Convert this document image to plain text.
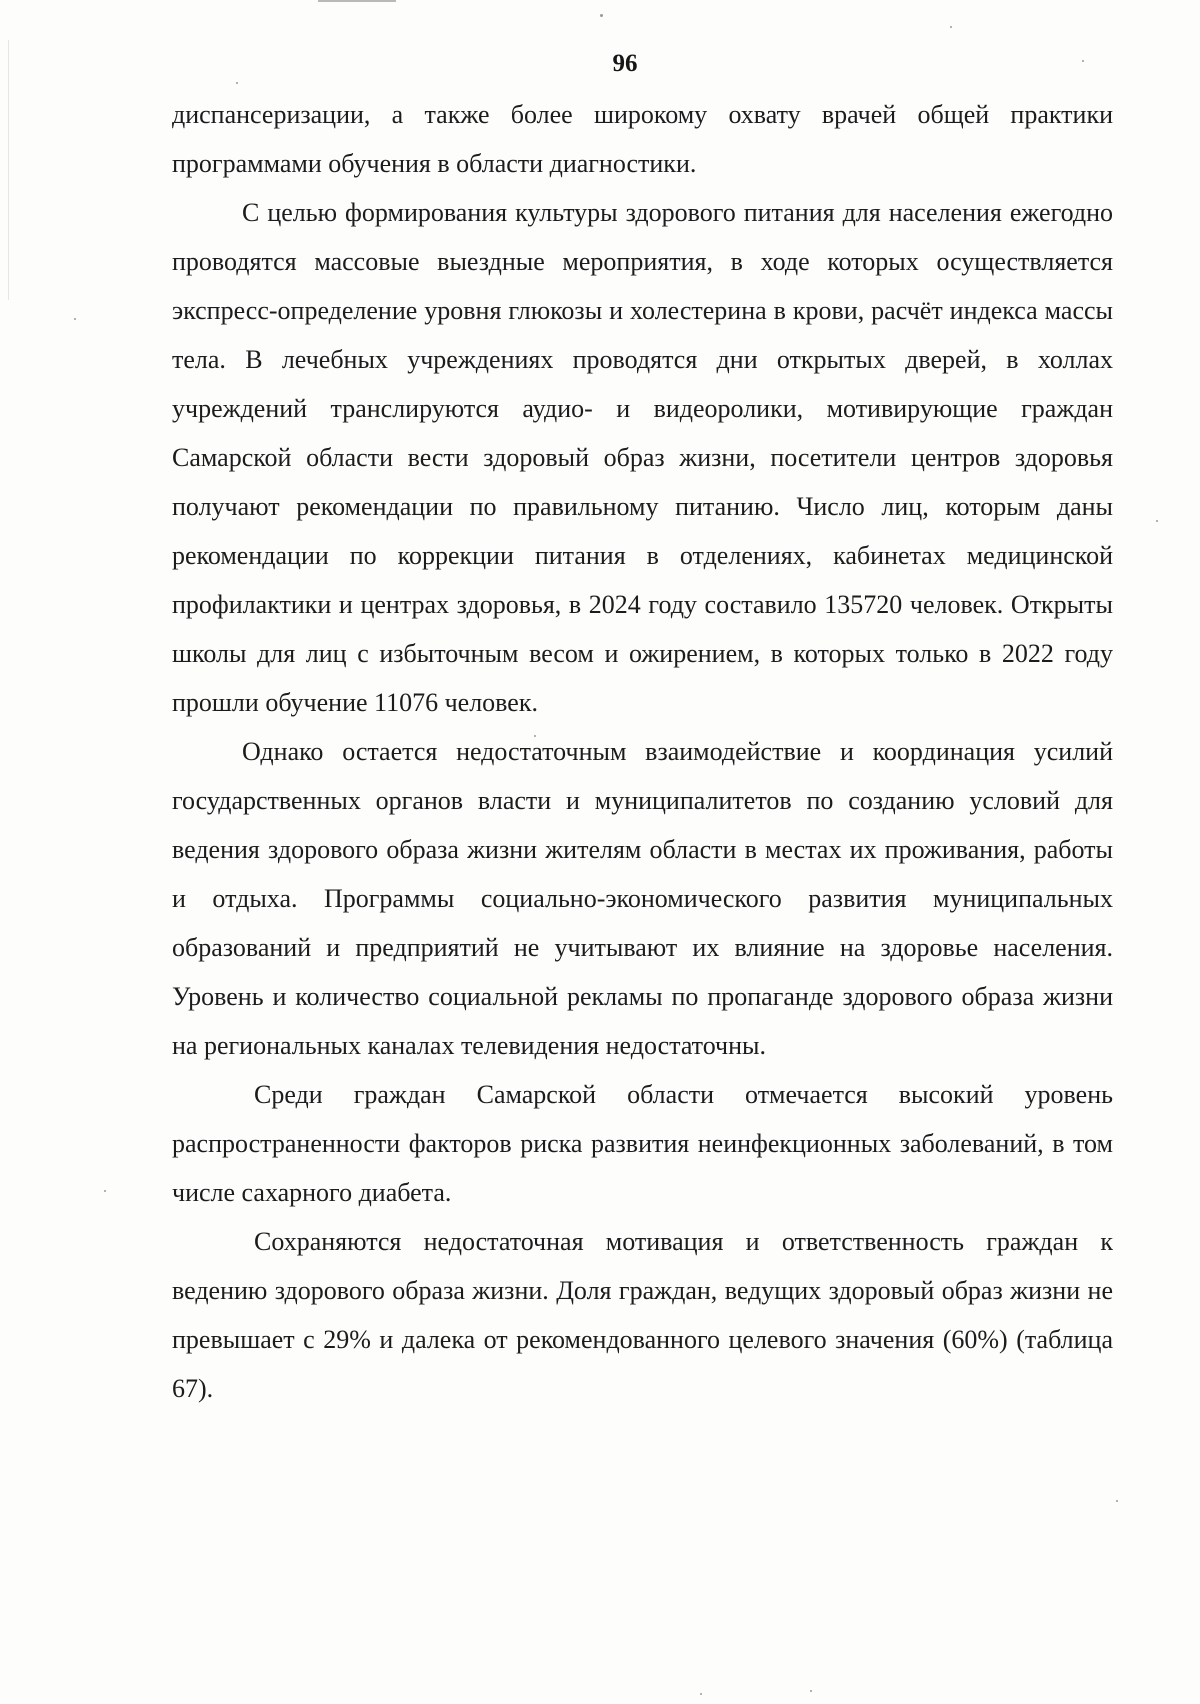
96

диспансеризации, а также более широкому охвату врачей общей практики программами обучения в области диагностики.

С целью формирования культуры здорового питания для населения ежегодно проводятся массовые выездные мероприятия, в ходе которых осуществляется экспресс-определение уровня глюкозы и холестерина в крови, расчёт индекса массы тела. В лечебных учреждениях проводятся дни открытых дверей, в холлах учреждений транслируются аудио- и видеоролики, мотивирующие граждан Самарской области вести здоровый образ жизни, посетители центров здоровья получают рекомендации по правильному питанию. Число лиц, которым даны рекомендации по коррекции питания в отделениях, кабинетах медицинской профилактики и центрах здоровья, в 2024 году составило 135720 человек. Открыты школы для лиц с избыточным весом и ожирением, в которых только в 2022 году прошли обучение 11076 человек.

Однако остается недостаточным взаимодействие и координация усилий государственных органов власти и муниципалитетов по созданию условий для ведения здорового образа жизни жителям области в местах их проживания, работы и отдыха. Программы социально-экономического развития муниципальных образований и предприятий не учитывают их влияние на здоровье населения. Уровень и количество социальной рекламы по пропаганде здорового образа жизни на региональных каналах телевидения недостаточны.

Среди граждан Самарской области отмечается высокий уровень распространенности факторов риска развития неинфекционных заболеваний, в том числе сахарного диабета.

Сохраняются недостаточная мотивация и ответственность граждан к ведению здорового образа жизни. Доля граждан, ведущих здоровый образ жизни не превышает с 29% и далека от рекомендованного целевого значения (60%) (таблица 67).
